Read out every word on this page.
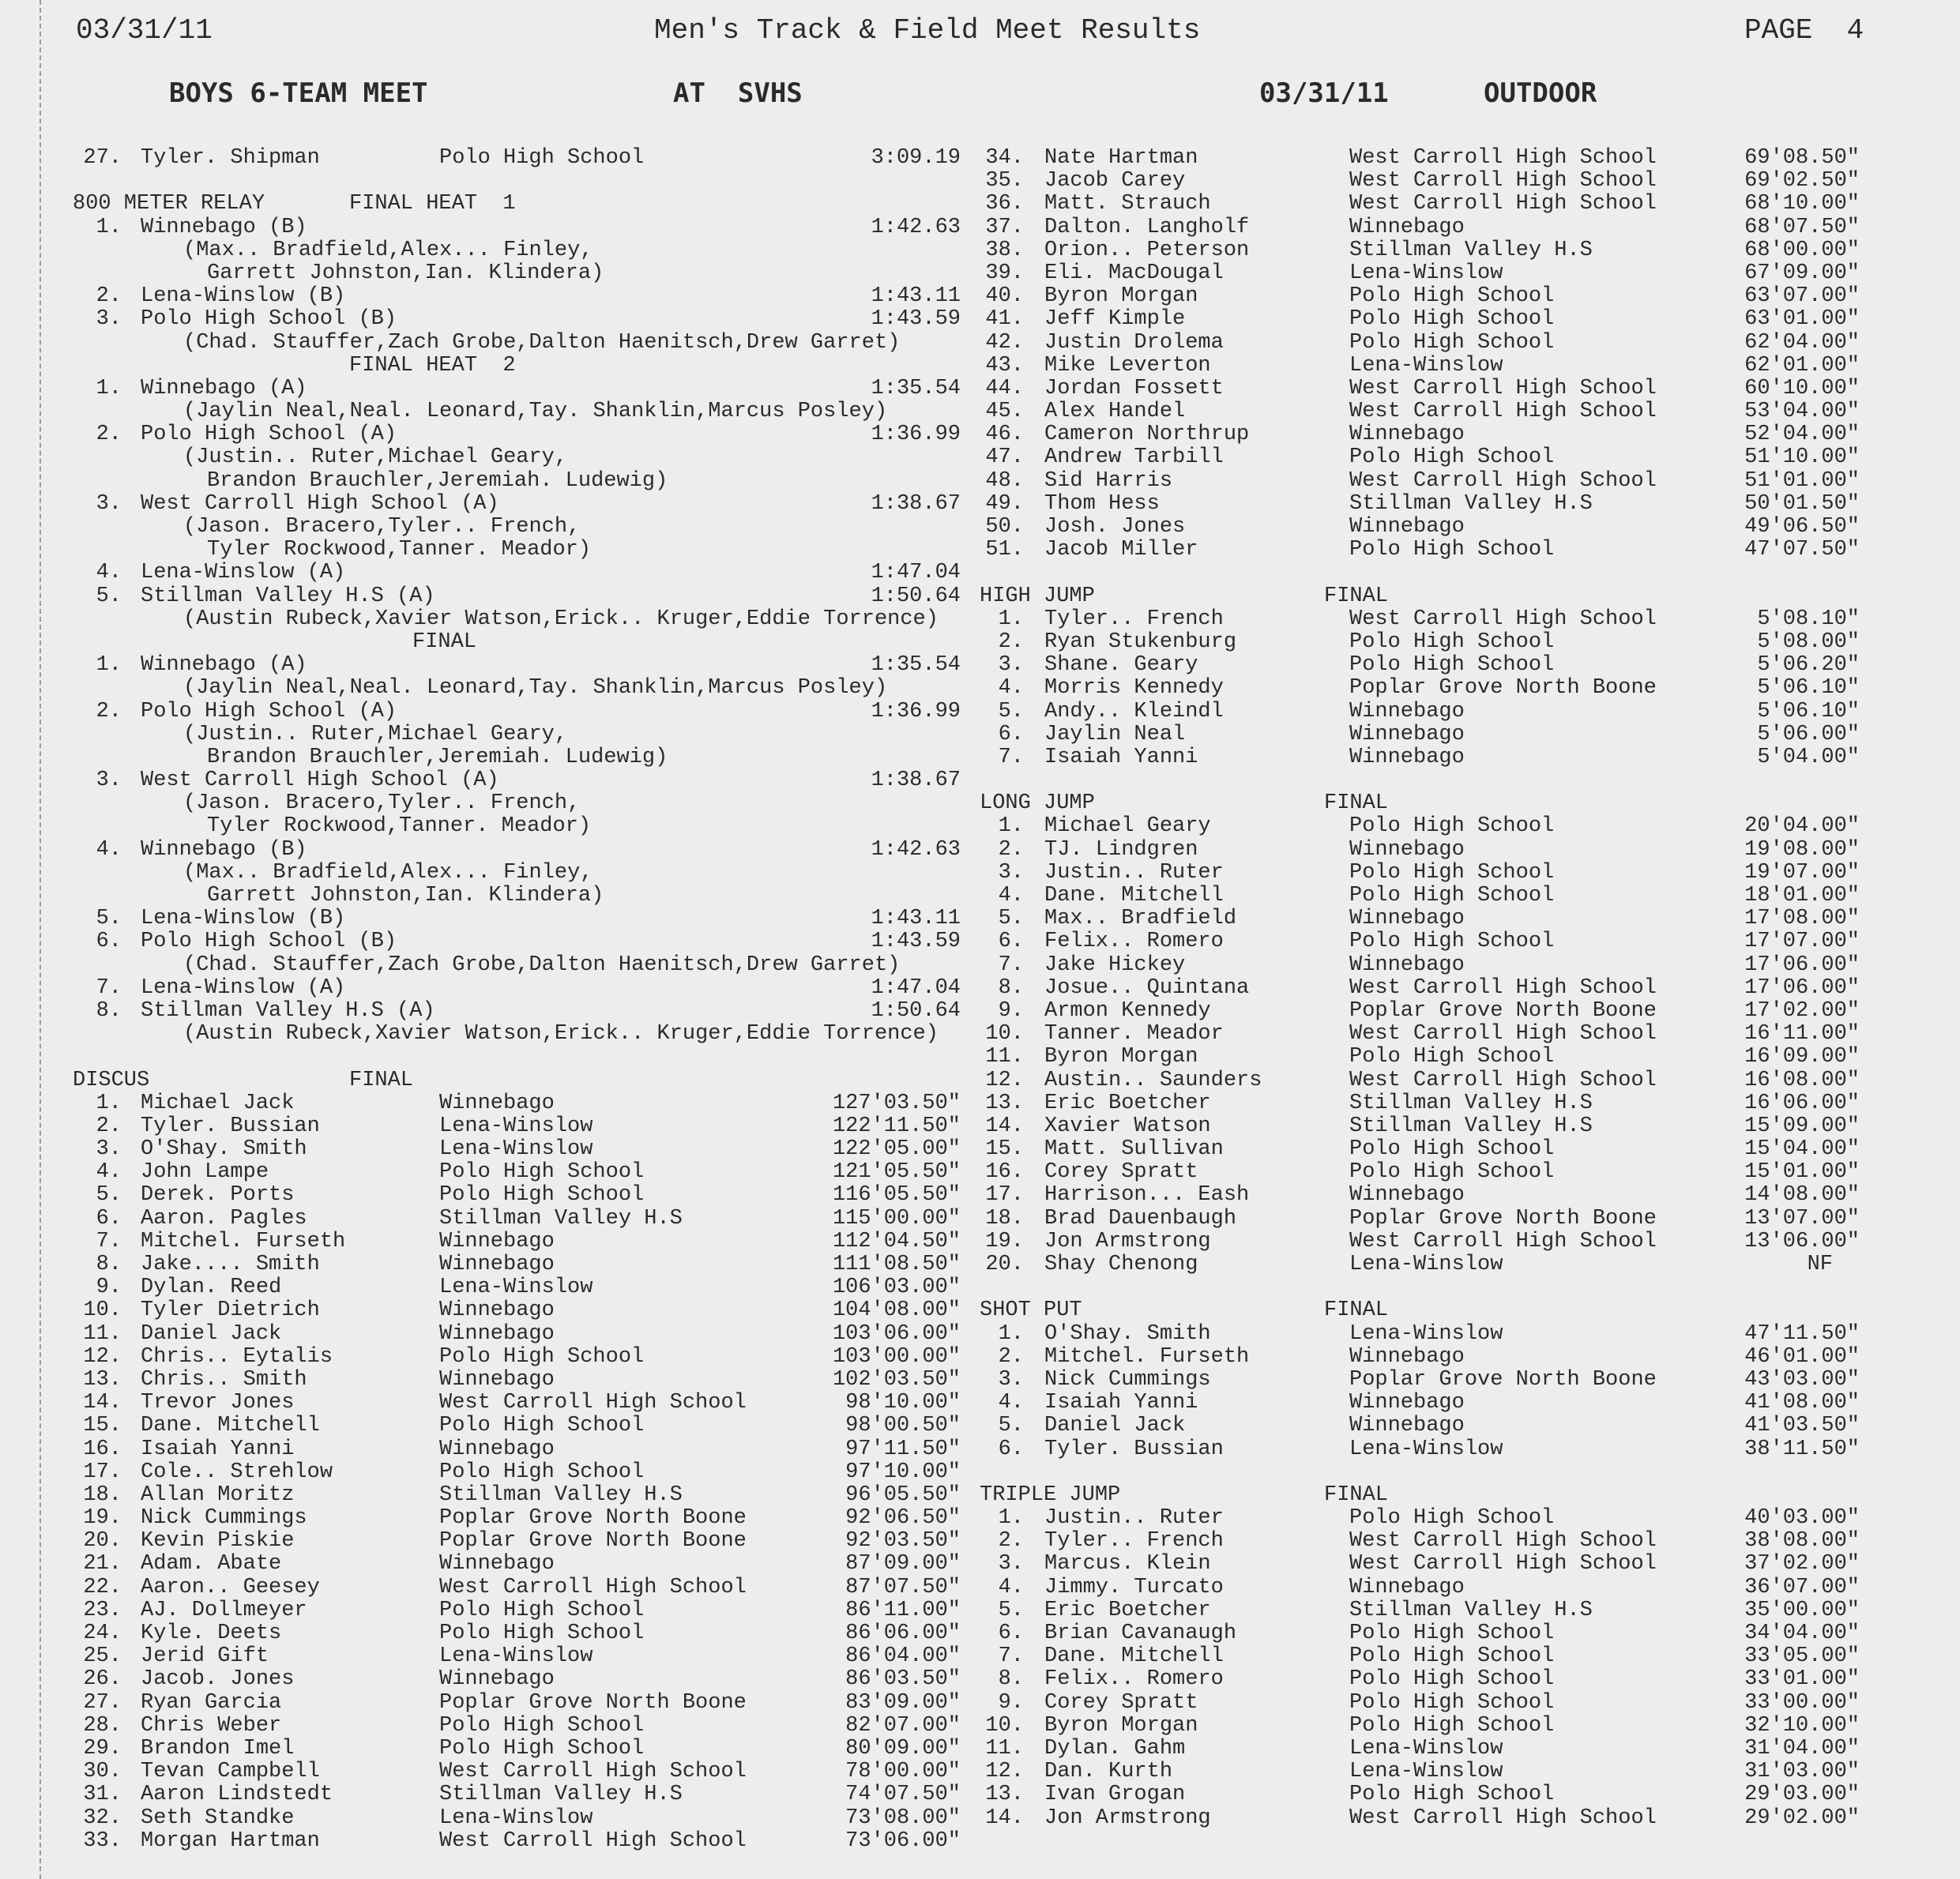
03/31/11	Men's Track & Field Meet Results	PAGE  4
BOYS 6-TEAM MEET	AT  SVHS	03/31/11	OUTDOOR
27. Tyler. Shipman	Polo High School	3:09.19
800 METER RELAY	FINAL HEAT  1
1. Winnebago (B)	1:42.63
(Max.. Bradfield,Alex... Finley,
Garrett Johnston,Ian. Klindera)
2. Lena-Winslow (B)	1:43.11
3. Polo High School (B)	1:43.59
(Chad. Stauffer,Zach Grobe,Dalton Haenitsch,Drew Garret)
FINAL HEAT  2
1. Winnebago (A)	1:35.54
(Jaylin Neal,Neal. Leonard,Tay. Shanklin,Marcus Posley)
2. Polo High School (A)	1:36.99
(Justin.. Ruter,Michael Geary,
Brandon Brauchler,Jeremiah. Ludewig)
3. West Carroll High School (A)	1:38.67
(Jason. Bracero,Tyler.. French,
Tyler Rockwood,Tanner. Meador)
4. Lena-Winslow (A)	1:47.04
5. Stillman Valley H.S (A)	1:50.64
(Austin Rubeck,Xavier Watson,Erick.. Kruger,Eddie Torrence)
FINAL
1. Winnebago (A)	1:35.54
(Jaylin Neal,Neal. Leonard,Tay. Shanklin,Marcus Posley)
2. Polo High School (A)	1:36.99
(Justin.. Ruter,Michael Geary,
Brandon Brauchler,Jeremiah. Ludewig)
3. West Carroll High School (A)	1:38.67
(Jason. Bracero,Tyler.. French,
Tyler Rockwood,Tanner. Meador)
4. Winnebago (B)	1:42.63
(Max.. Bradfield,Alex... Finley,
Garrett Johnston,Ian. Klindera)
5. Lena-Winslow (B)	1:43.11
6. Polo High School (B)	1:43.59
(Chad. Stauffer,Zach Grobe,Dalton Haenitsch,Drew Garret)
7. Lena-Winslow (A)	1:47.04
8. Stillman Valley H.S (A)	1:50.64
(Austin Rubeck,Xavier Watson,Erick.. Kruger,Eddie Torrence)
DISCUS	FINAL
1. Michael Jack	Winnebago	127'03.50"
2. Tyler. Bussian	Lena-Winslow	122'11.50"
3. O'Shay. Smith	Lena-Winslow	122'05.00"
4. John Lampe	Polo High School	121'05.50"
5. Derek. Ports	Polo High School	116'05.50"
6. Aaron. Pagles	Stillman Valley H.S	115'00.00"
7. Mitchel. Furseth	Winnebago	112'04.50"
8. Jake.... Smith	Winnebago	111'08.50"
9. Dylan. Reed	Lena-Winslow	106'03.00"
10. Tyler Dietrich	Winnebago	104'08.00"
11. Daniel Jack	Winnebago	103'06.00"
12. Chris.. Eytalis	Polo High School	103'00.00"
13. Chris.. Smith	Winnebago	102'03.50"
14. Trevor Jones	West Carroll High School	98'10.00"
15. Dane. Mitchell	Polo High School	98'00.50"
16. Isaiah Yanni	Winnebago	97'11.50"
17. Cole.. Strehlow	Polo High School	97'10.00"
18. Allan Moritz	Stillman Valley H.S	96'05.50"
19. Nick Cummings	Poplar Grove North Boone	92'06.50"
20. Kevin Piskie	Poplar Grove North Boone	92'03.50"
21. Adam. Abate	Winnebago	87'09.00"
22. Aaron.. Geesey	West Carroll High School	87'07.50"
23. AJ. Dollmeyer	Polo High School	86'11.00"
24. Kyle. Deets	Polo High School	86'06.00"
25. Jerid Gift	Lena-Winslow	86'04.00"
26. Jacob. Jones	Winnebago	86'03.50"
27. Ryan Garcia	Poplar Grove North Boone	83'09.00"
28. Chris Weber	Polo High School	82'07.00"
29. Brandon Imel	Polo High School	80'09.00"
30. Tevan Campbell	West Carroll High School	78'00.00"
31. Aaron Lindstedt	Stillman Valley H.S	74'07.50"
32. Seth Standke	Lena-Winslow	73'08.00"
33. Morgan Hartman	West Carroll High School	73'06.00"
34. Nate Hartman	West Carroll High School	69'08.50"
35. Jacob Carey	West Carroll High School	69'02.50"
36. Matt. Strauch	West Carroll High School	68'10.00"
37. Dalton. Langholf	Winnebago	68'07.50"
38. Orion.. Peterson	Stillman Valley H.S	68'00.00"
39. Eli. MacDougal	Lena-Winslow	67'09.00"
40. Byron Morgan	Polo High School	63'07.00"
41. Jeff Kimple	Polo High School	63'01.00"
42. Justin Drolema	Polo High School	62'04.00"
43. Mike Leverton	Lena-Winslow	62'01.00"
44. Jordan Fossett	West Carroll High School	60'10.00"
45. Alex Handel	West Carroll High School	53'04.00"
46. Cameron Northrup	Winnebago	52'04.00"
47. Andrew Tarbill	Polo High School	51'10.00"
48. Sid Harris	West Carroll High School	51'01.00"
49. Thom Hess	Stillman Valley H.S	50'01.50"
50. Josh. Jones	Winnebago	49'06.50"
51. Jacob Miller	Polo High School	47'07.50"
HIGH JUMP	FINAL
1. Tyler.. French	West Carroll High School	5'08.10"
2. Ryan Stukenburg	Polo High School	5'08.00"
3. Shane. Geary	Polo High School	5'06.20"
4. Morris Kennedy	Poplar Grove North Boone	5'06.10"
5. Andy.. Kleindl	Winnebago	5'06.10"
6. Jaylin Neal	Winnebago	5'06.00"
7. Isaiah Yanni	Winnebago	5'04.00"
LONG JUMP	FINAL
1. Michael Geary	Polo High School	20'04.00"
2. TJ. Lindgren	Winnebago	19'08.00"
3. Justin.. Ruter	Polo High School	19'07.00"
4. Dane. Mitchell	Polo High School	18'01.00"
5. Max.. Bradfield	Winnebago	17'08.00"
6. Felix.. Romero	Polo High School	17'07.00"
7. Jake Hickey	Winnebago	17'06.00"
8. Josue.. Quintana	West Carroll High School	17'06.00"
9. Armon Kennedy	Poplar Grove North Boone	17'02.00"
10. Tanner. Meador	West Carroll High School	16'11.00"
11. Byron Morgan	Polo High School	16'09.00"
12. Austin.. Saunders	West Carroll High School	16'08.00"
13. Eric Boetcher	Stillman Valley H.S	16'06.00"
14. Xavier Watson	Stillman Valley H.S	15'09.00"
15. Matt. Sullivan	Polo High School	15'04.00"
16. Corey Spratt	Polo High School	15'01.00"
17. Harrison... Eash	Winnebago	14'08.00"
18. Brad Dauenbaugh	Poplar Grove North Boone	13'07.00"
19. Jon Armstrong	West Carroll High School	13'06.00"
20. Shay Chenong	Lena-Winslow	NF
SHOT PUT	FINAL
1. O'Shay. Smith	Lena-Winslow	47'11.50"
2. Mitchel. Furseth	Winnebago	46'01.00"
3. Nick Cummings	Poplar Grove North Boone	43'03.00"
4. Isaiah Yanni	Winnebago	41'08.00"
5. Daniel Jack	Winnebago	41'03.50"
6. Tyler. Bussian	Lena-Winslow	38'11.50"
TRIPLE JUMP	FINAL
1. Justin.. Ruter	Polo High School	40'03.00"
2. Tyler.. French	West Carroll High School	38'08.00"
3. Marcus. Klein	West Carroll High School	37'02.00"
4. Jimmy. Turcato	Winnebago	36'07.00"
5. Eric Boetcher	Stillman Valley H.S	35'00.00"
6. Brian Cavanaugh	Polo High School	34'04.00"
7. Dane. Mitchell	Polo High School	33'05.00"
8. Felix.. Romero	Polo High School	33'01.00"
9. Corey Spratt	Polo High School	33'00.00"
10. Byron Morgan	Polo High School	32'10.00"
11. Dylan. Gahm	Lena-Winslow	31'04.00"
12. Dan. Kurth	Lena-Winslow	31'03.00"
13. Ivan Grogan	Polo High School	29'03.00"
14. Jon Armstrong	West Carroll High School	29'02.00"
